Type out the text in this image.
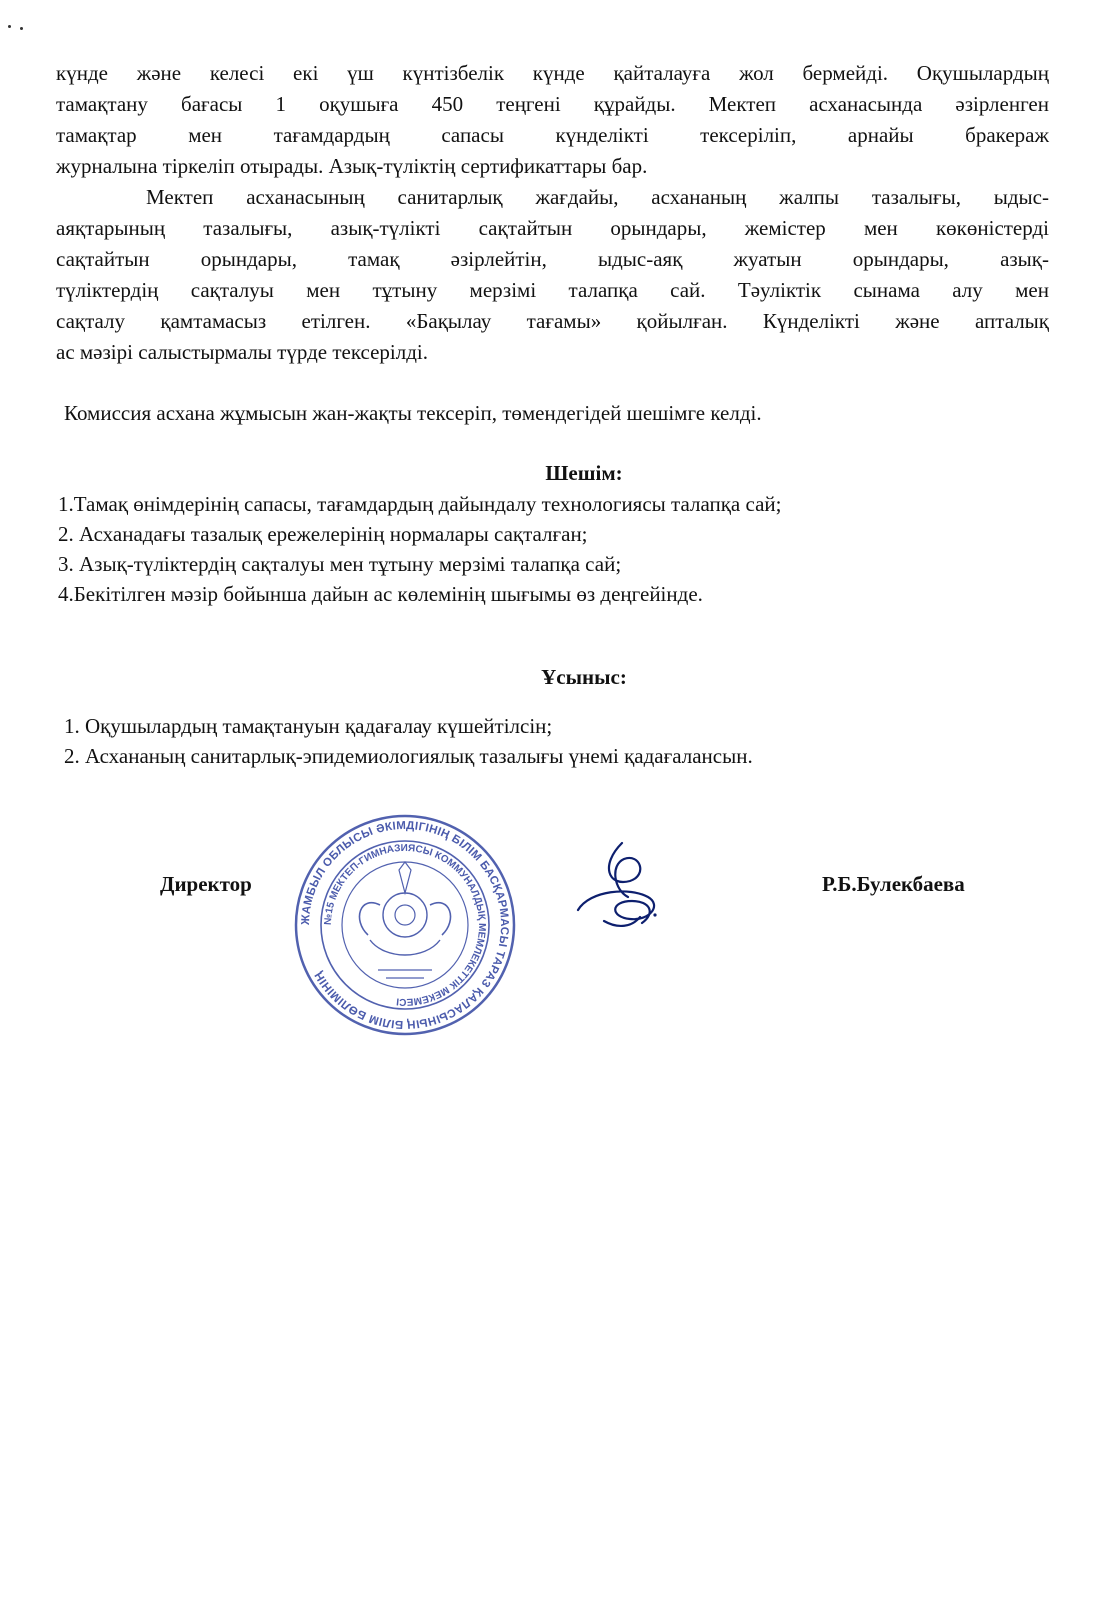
күнде және келесі екі үш күнтізбелік күнде қайталауға жол бермейді. Оқушылардың
тамақтану бағасы 1 оқушыға 450 теңгені құрайды. Мектеп асханасында әзірленген
тамақтар мен тағамдардың сапасы күнделікті тексеріліп, арнайы бракераж
журналына тіркеліп отырады. Азық-түліктің сертификаттары бар.
Мектеп асханасының санитарлық жағдайы, асхананың жалпы тазалығы, ыдыс-
аяқтарының тазалығы, азық-түлікті сақтайтын орындары, жемістер мен көкөністерді
сақтайтын орындары, тамақ әзірлейтін, ыдыс-аяқ жуатын орындары, азық-
түліктердің сақталуы мен тұтыну мерзімі талапқа сай. Тәуліктік сынама алу мен
сақталу қамтамасыз етілген. «Бақылау тағамы» қойылған. Күнделікті және апталық
ас мәзірі салыстырмалы түрде тексерілді.
Комиссия асхана жұмысын жан-жақты тексеріп, төмендегідей шешімге келді.
Шешім:
1.Тамақ өнімдерінің сапасы, тағамдардың дайындалу технологиясы талапқа сай;
2. Асханадағы тазалық ережелерінің нормалары сақталған;
3. Азық-түліктердің сақталуы мен тұтыну мерзімі талапқа сай;
4.Бекітілген мәзір бойынша дайын ас көлемінің шығымы өз деңгейінде.
Ұсыныс:
1. Оқушылардың тамақтануын қадағалау күшейтілсін;
2. Асхананың санитарлық-эпидемиологиялық тазалығы үнемі қадағалансын.
Директор	Р.Б.Булекбаева
ЖАМБЫЛ ОБЛЫСЫ ӘКІМДІГІНІҢ БІЛІМ БАСҚАРМАСЫ ТАРАЗ ҚАЛАСЫНЫҢ БІЛІМ БӨЛІМІНІҢ
№15 МЕКТЕП-ГИМНАЗИЯСЫ КОММУНАЛДЫҚ МЕМЛЕКЕТТІК МЕКЕМЕСІ
